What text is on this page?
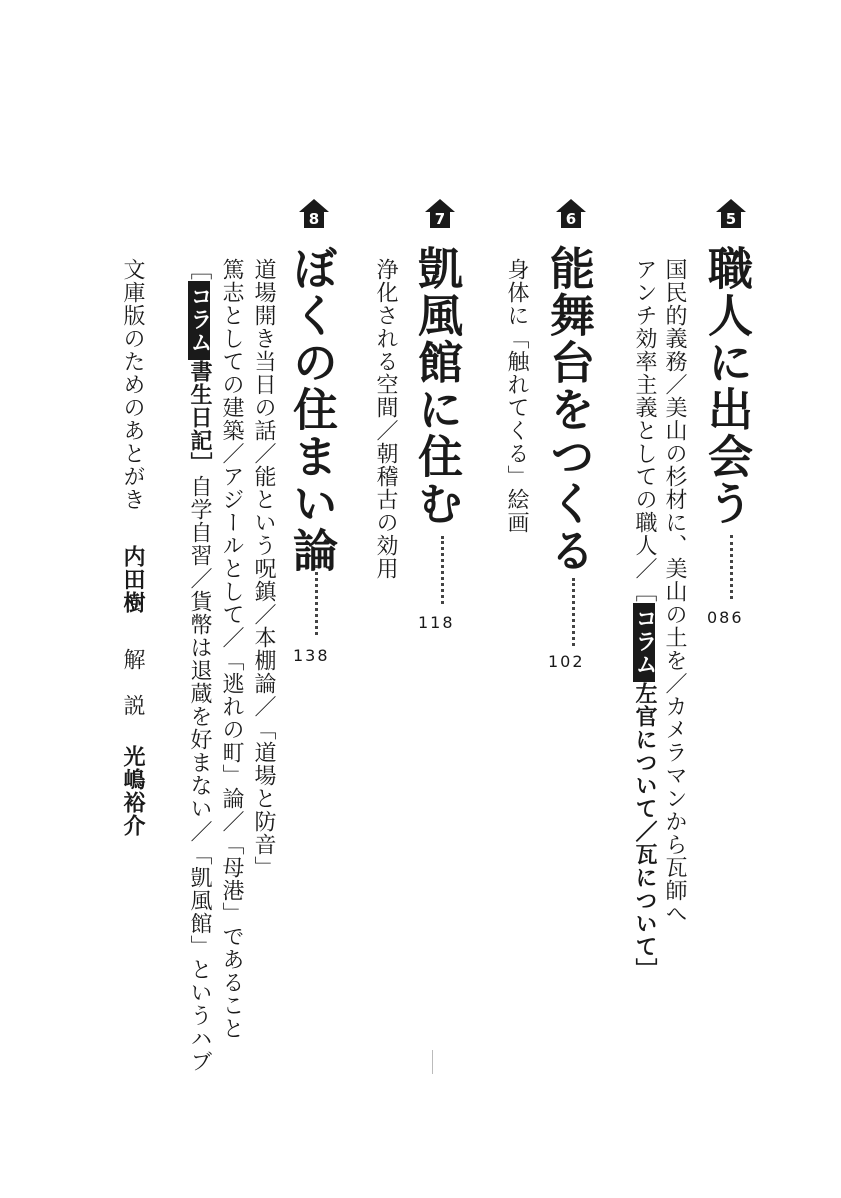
5
職人に出会う
086
国民的義務／美山の杉材に、美山の土を／カメラマンから瓦師へ
アンチ効率主義としての職人／［コラム左官について／瓦について］
6
能舞台をつくる
102
身体に「触れてくる」絵画
7
凱風館に住む
118
浄化される空間／朝稽古の効用
8
ぼくの住まい論
138
道場開き当日の話／能という呪鎮／本棚論／「道場と防音」
篤志としての建築／アジールとして／「逃れの町」論／「母港」であること
［コラム書生日記］自学自習／貨幣は退蔵を好まない／「凱風館」というハブ
文庫版のためのあとがき
内田樹
解　説
光嶋裕介
